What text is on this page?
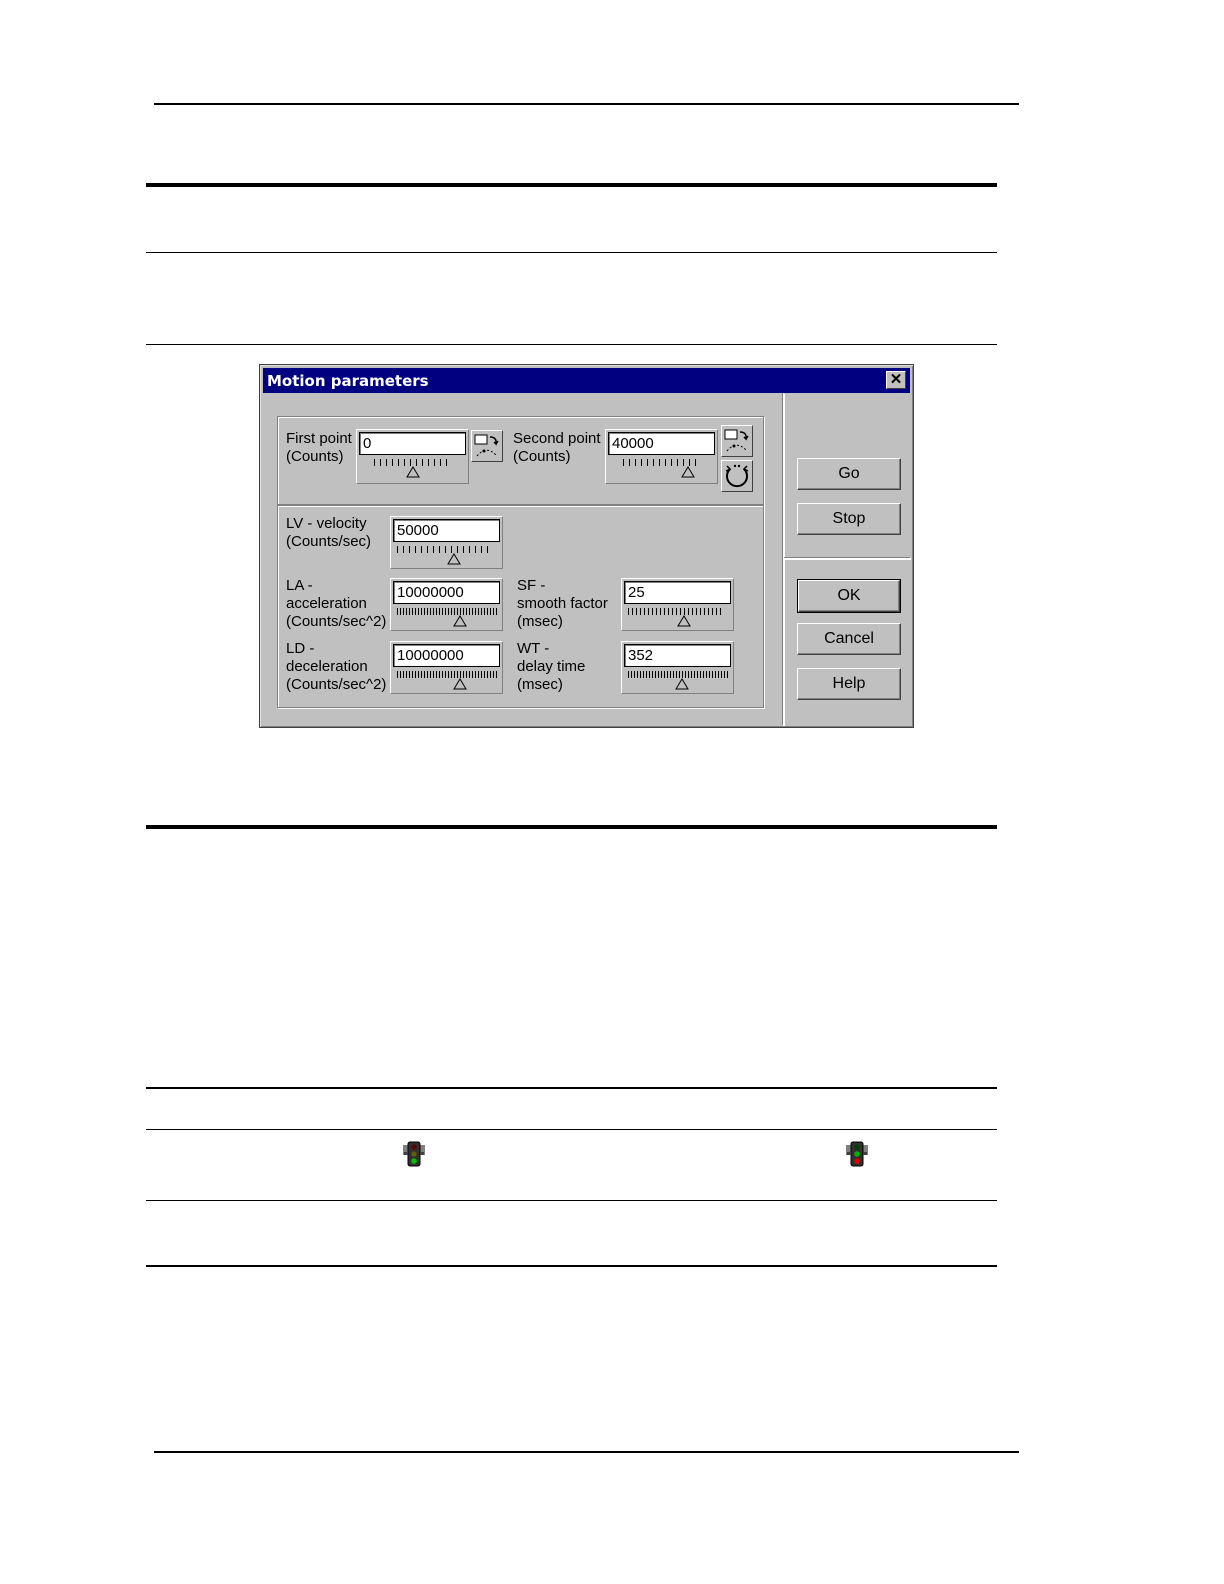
Motion parameters	✕
First point
(Counts)
0
Second point
(Counts)
40000
LV - velocity
(Counts/sec)
50000
LA -
acceleration
(Counts/sec^2)
10000000
LD -
deceleration
(Counts/sec^2)
10000000
SF -
smooth factor
(msec)
25
WT -
delay time
(msec)
352
Go
Stop
OK
Cancel
Help
